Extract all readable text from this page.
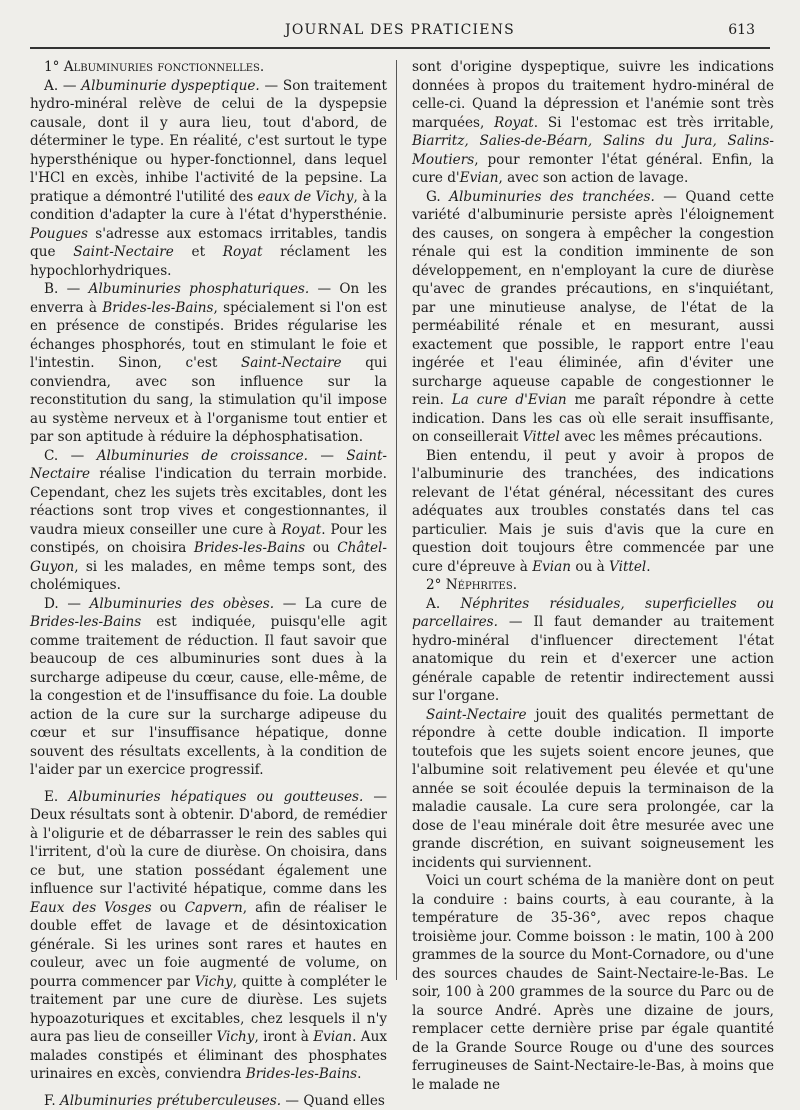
JOURNAL DES PRATICIENS	613

1° Albuminuries fonctionnelles.

A. — Albuminurie dyspeptique. — Son traitement hydro-minéral relève de celui de la dyspepsie causale, dont il y aura lieu, tout d'abord, de déterminer le type. En réalité, c'est surtout le type hypersthénique ou hyper-fonctionnel, dans lequel l'HCl en excès, inhibe l'activité de la pepsine. La pratique a démontré l'utilité des eaux de Vichy, à la condition d'adapter la cure à l'état d'hypersthénie. Pougues s'adresse aux estomacs irritables, tandis que Saint-Nectaire et Royat réclament les hypochlorhydriques.

B. — Albuminuries phosphaturiques. — On les enverra à Brides-les-Bains, spécialement si l'on est en présence de constipés. Brides régularise les échanges phosphorés, tout en stimulant le foie et l'intestin. Sinon, c'est Saint-Nectaire qui conviendra, avec son influence sur la reconstitution du sang, la stimulation qu'il impose au système nerveux et à l'organisme tout entier et par son aptitude à réduire la déphosphatisation.

C. — Albuminuries de croissance. — Saint-Nectaire réalise l'indication du terrain morbide. Cependant, chez les sujets très excitables, dont les réactions sont trop vives et congestionnantes, il vaudra mieux conseiller une cure à Royat. Pour les constipés, on choisira Brides-les-Bains ou Châtel-Guyon, si les malades, en même temps sont, des cholémiques.

D. — Albuminuries des obèses. — La cure de Brides-les-Bains est indiquée, puisqu'elle agit comme traitement de réduction. Il faut savoir que beaucoup de ces albuminuries sont dues à la surcharge adipeuse du cœur, cause, elle-même, de la congestion et de l'insuffisance du foie. La double action de la cure sur la surcharge adipeuse du cœur et sur l'insuffisance hépatique, donne souvent des résultats excellents, à la condition de l'aider par un exercice progressif.

E. Albuminuries hépatiques ou goutteuses. — Deux résultats sont à obtenir. D'abord, de remédier à l'oligurie et de débarrasser le rein des sables qui l'irritent, d'où la cure de diurèse. On choisira, dans ce but, une station possédant également une influence sur l'activité hépatique, comme dans les Eaux des Vosges ou Capvern, afin de réaliser le double effet de lavage et de désintoxication générale. Si les urines sont rares et hautes en couleur, avec un foie augmenté de volume, on pourra commencer par Vichy, quitte à compléter le traitement par une cure de diurèse. Les sujets hypoazoturiques et excitables, chez lesquels il n'y aura pas lieu de conseiller Vichy, iront à Evian. Aux malades constipés et éliminant des phosphates urinaires en excès, conviendra Brides-les-Bains.

F. Albuminuries prétuberculeuses. — Quand elles

sont d'origine dyspeptique, suivre les indications données à propos du traitement hydro-minéral de celle-ci. Quand la dépression et l'anémie sont très marquées, Royat. Si l'estomac est très irritable, Biarritz, Salies-de-Béarn, Salins du Jura, Salins-Moutiers, pour remonter l'état général. Enfin, la cure d'Evian, avec son action de lavage.

G. Albuminuries des tranchées. — Quand cette variété d'albuminurie persiste après l'éloignement des causes, on songera à empêcher la congestion rénale qui est la condition imminente de son développement, en n'employant la cure de diurèse qu'avec de grandes précautions, en s'inquiétant, par une minutieuse analyse, de l'état de la perméabilité rénale et en mesurant, aussi exactement que possible, le rapport entre l'eau ingérée et l'eau éliminée, afin d'éviter une surcharge aqueuse capable de congestionner le rein. La cure d'Evian me paraît répondre à cette indication. Dans les cas où elle serait insuffisante, on conseillerait Vittel avec les mêmes précautions.

Bien entendu, il peut y avoir à propos de l'albuminurie des tranchées, des indications relevant de l'état général, nécessitant des cures adéquates aux troubles constatés dans tel cas particulier. Mais je suis d'avis que la cure en question doit toujours être commencée par une cure d'épreuve à Evian ou à Vittel.

2° Néphrites.

A. Néphrites résiduales, superficielles ou parcellaires. — Il faut demander au traitement hydro-minéral d'influencer directement l'état anatomique du rein et d'exercer une action générale capable de retentir indirectement aussi sur l'organe.

Saint-Nectaire jouit des qualités permettant de répondre à cette double indication. Il importe toutefois que les sujets soient encore jeunes, que l'albumine soit relativement peu élevée et qu'une année se soit écoulée depuis la terminaison de la maladie causale. La cure sera prolongée, car la dose de l'eau minérale doit être mesurée avec une grande discrétion, en suivant soigneusement les incidents qui surviennent.

Voici un court schéma de la manière dont on peut la conduire : bains courts, à eau courante, à la température de 35-36°, avec repos chaque troisième jour. Comme boisson : le matin, 100 à 200 grammes de la source du Mont-Cornadore, ou d'une des sources chaudes de Saint-Nectaire-le-Bas. Le soir, 100 à 200 grammes de la source du Parc ou de la source André. Après une dizaine de jours, remplacer cette dernière prise par égale quantité de la Grande Source Rouge ou d'une des sources ferrugineuses de Saint-Nectaire-le-Bas, à moins que le malade ne
